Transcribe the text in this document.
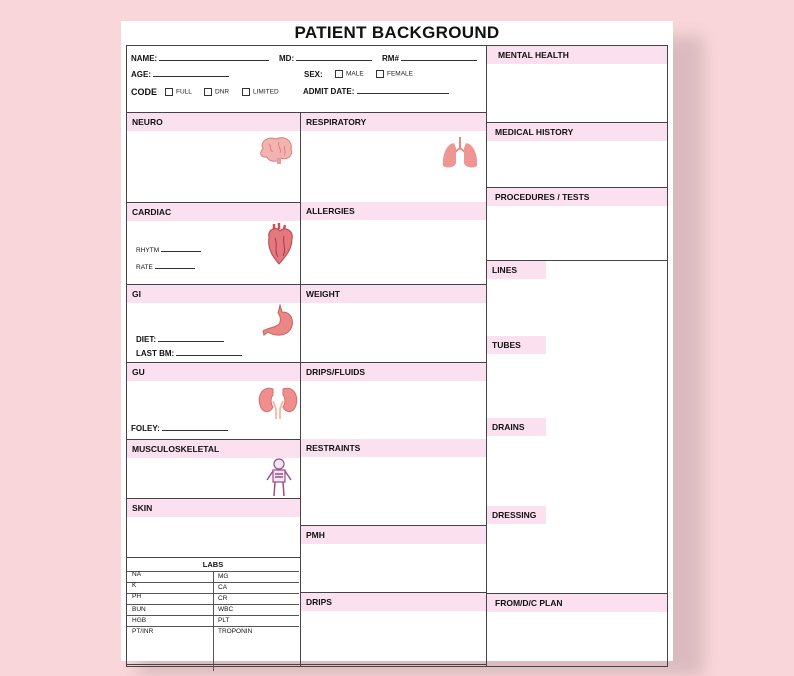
PATIENT BACKGROUND
NAME:	MD:	RM#
AGE:	SEX:	MALE	FEMALE
CODE	FULL	DNR	LIMITED	ADMIT DATE:
NEURO	RESPIRATORY
CARDIAC
RHYTM
RATE
ALLERGIES
GI
DIET:
LAST BM:
WEIGHT
GU
FOLEY:
DRIPS/FLUIDS
MUSCULOSKELETAL	RESTRAINTS
SKIN
LABS
NA	MG
K	CA
PH	CR
BUN	WBC
HGB	PLT
PT/INR	TROPONIN
PMH
DRIPS
MENTAL HEALTH
MEDICAL HISTORY
PROCEDURES / TESTS
LINES
TUBES
DRAINS
DRESSING
FROM/D/C PLAN
